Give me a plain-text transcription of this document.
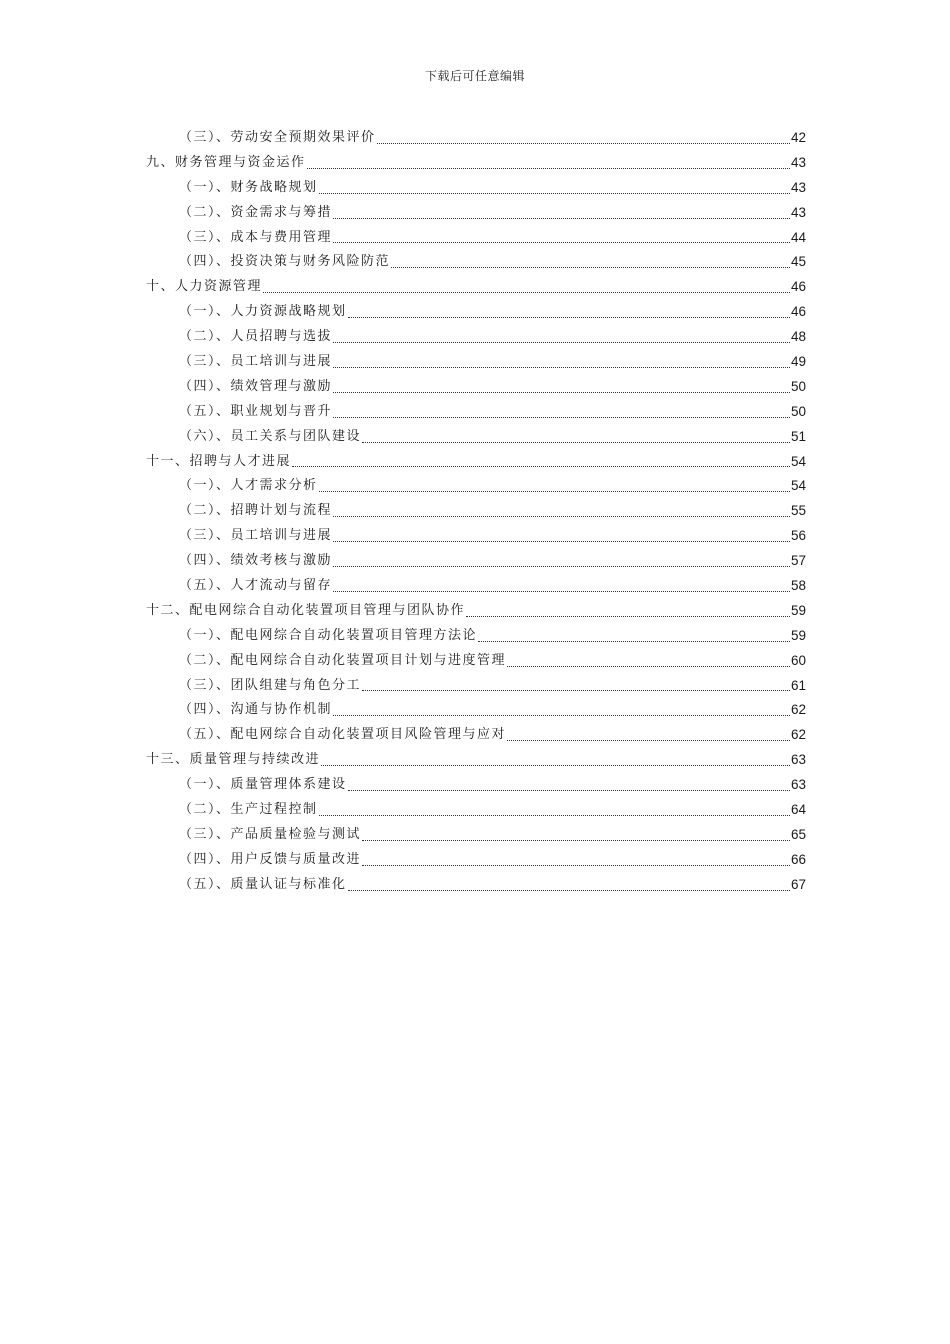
下载后可任意编辑
（三）、劳动安全预期效果评价	42
九、财务管理与资金运作	43
（一）、财务战略规划	43
（二）、资金需求与筹措	43
（三）、成本与费用管理	44
（四）、投资决策与财务风险防范	45
十、人力资源管理	46
（一）、人力资源战略规划	46
（二）、人员招聘与选拔	48
（三）、员工培训与进展	49
（四）、绩效管理与激励	50
（五）、职业规划与晋升	50
（六）、员工关系与团队建设	51
十一、招聘与人才进展	54
（一）、人才需求分析	54
（二）、招聘计划与流程	55
（三）、员工培训与进展	56
（四）、绩效考核与激励	57
（五）、人才流动与留存	58
十二、配电网综合自动化装置项目管理与团队协作	59
（一）、配电网综合自动化装置项目管理方法论	59
（二）、配电网综合自动化装置项目计划与进度管理	60
（三）、团队组建与角色分工	61
（四）、沟通与协作机制	62
（五）、配电网综合自动化装置项目风险管理与应对	62
十三、质量管理与持续改进	63
（一）、质量管理体系建设	63
（二）、生产过程控制	64
（三）、产品质量检验与测试	65
（四）、用户反馈与质量改进	66
（五）、质量认证与标准化	67
